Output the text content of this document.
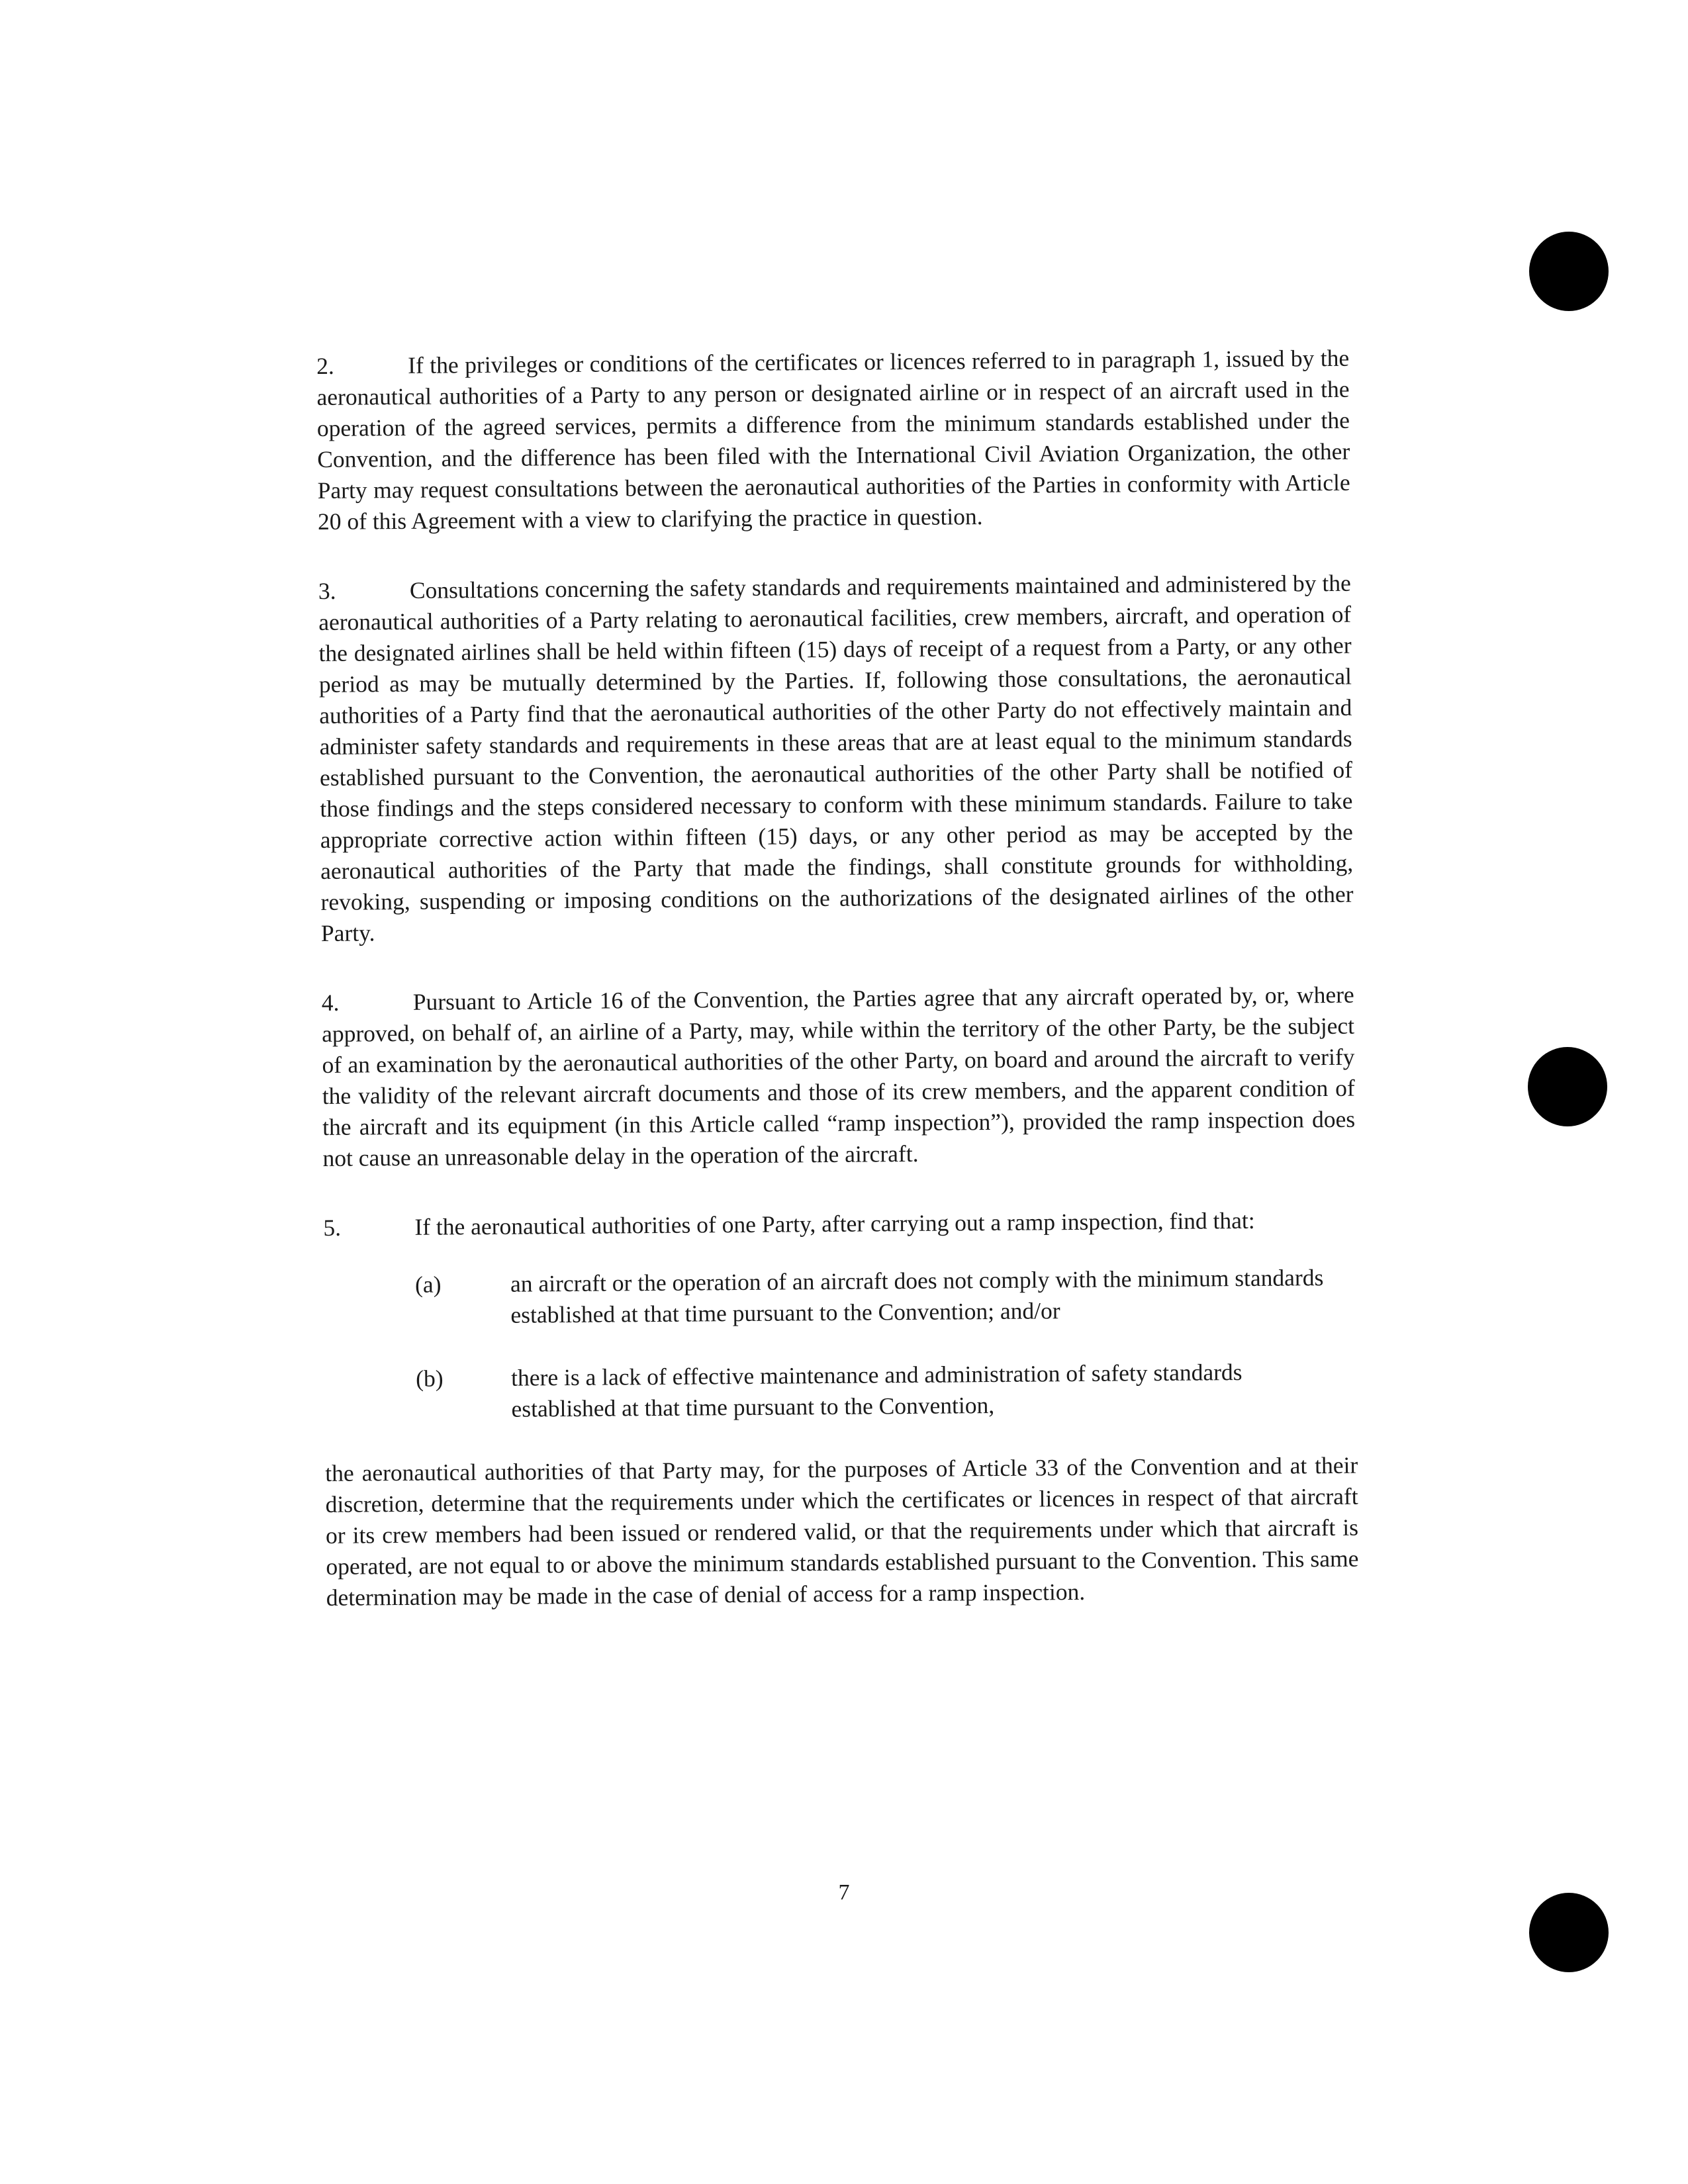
2.	If the privileges or conditions of the certificates or licences referred to in paragraph 1, issued by the aeronautical authorities of a Party to any person or designated airline or in respect of an aircraft used in the operation of the agreed services, permits a difference from the minimum standards established under the Convention, and the difference has been filed with the International Civil Aviation Organization, the other Party may request consultations between the aeronautical authorities of the Parties in conformity with Article 20 of this Agreement with a view to clarifying the practice in question.

3.	Consultations concerning the safety standards and requirements maintained and administered by the aeronautical authorities of a Party relating to aeronautical facilities, crew members, aircraft, and operation of the designated airlines shall be held within fifteen (15) days of receipt of a request from a Party, or any other period as may be mutually determined by the Parties. If, following those consultations, the aeronautical authorities of a Party find that the aeronautical authorities of the other Party do not effectively maintain and administer safety standards and requirements in these areas that are at least equal to the minimum standards established pursuant to the Convention, the aeronautical authorities of the other Party shall be notified of those findings and the steps considered necessary to conform with these minimum standards. Failure to take appropriate corrective action within fifteen (15) days, or any other period as may be accepted by the aeronautical authorities of the Party that made the findings, shall constitute grounds for withholding, revoking, suspending or imposing conditions on the authorizations of the designated airlines of the other Party.

4.	Pursuant to Article 16 of the Convention, the Parties agree that any aircraft operated by, or, where approved, on behalf of, an airline of a Party, may, while within the territory of the other Party, be the subject of an examination by the aeronautical authorities of the other Party, on board and around the aircraft to verify the validity of the relevant aircraft documents and those of its crew members, and the apparent condition of the aircraft and its equipment (in this Article called “ramp inspection”), provided the ramp inspection does not cause an unreasonable delay in the operation of the aircraft.

5.	If the aeronautical authorities of one Party, after carrying out a ramp inspection, find that:

(a)	an aircraft or the operation of an aircraft does not comply with the minimum standards established at that time pursuant to the Convention; and/or
(b)	there is a lack of effective maintenance and administration of safety standards established at that time pursuant to the Convention,

the aeronautical authorities of that Party may, for the purposes of Article 33 of the Convention and at their discretion, determine that the requirements under which the certificates or licences in respect of that aircraft or its crew members had been issued or rendered valid, or that the requirements under which that aircraft is operated, are not equal to or above the minimum standards established pursuant to the Convention. This same determination may be made in the case of denial of access for a ramp inspection.

7
